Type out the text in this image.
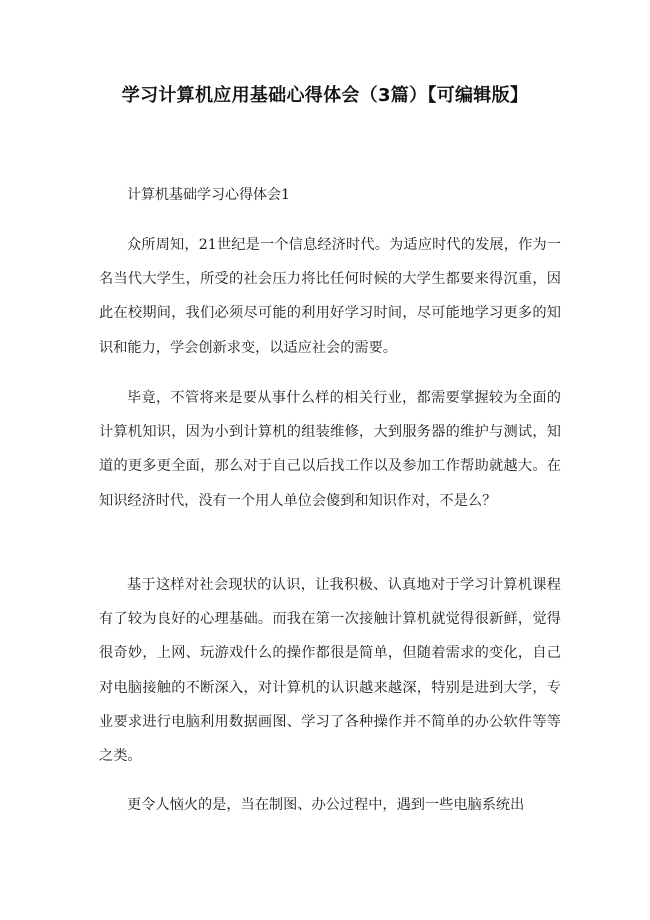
学习计算机应用基础心得体会（3篇）【可编辑版】
计算机基础学习心得体会1

众所周知，21世纪是一个信息经济时代。为适应时代的发展，作为一名当代大学生，所受的社会压力将比任何时候的大学生都要来得沉重，因此在校期间，我们必须尽可能的利用好学习时间，尽可能地学习更多的知识和能力，学会创新求变，以适应社会的需要。

毕竟，不管将来是要从事什么样的相关行业，都需要掌握较为全面的计算机知识，因为小到计算机的组装维修，大到服务器的维护与测试，知道的更多更全面，那么对于自己以后找工作以及参加工作帮助就越大。在知识经济时代，没有一个用人单位会傻到和知识作对，不是么？

基于这样对社会现状的认识，让我积极、认真地对于学习计算机课程有了较为良好的心理基础。而我在第一次接触计算机就觉得很新鲜，觉得很奇妙，上网、玩游戏什么的操作都很是简单，但随着需求的变化，自己对电脑接触的不断深入，对计算机的认识越来越深，特别是进到大学，专业要求进行电脑利用数据画图、学习了各种操作并不简单的办公软件等等之类。

更令人恼火的是，当在制图、办公过程中，遇到一些电脑系统出
